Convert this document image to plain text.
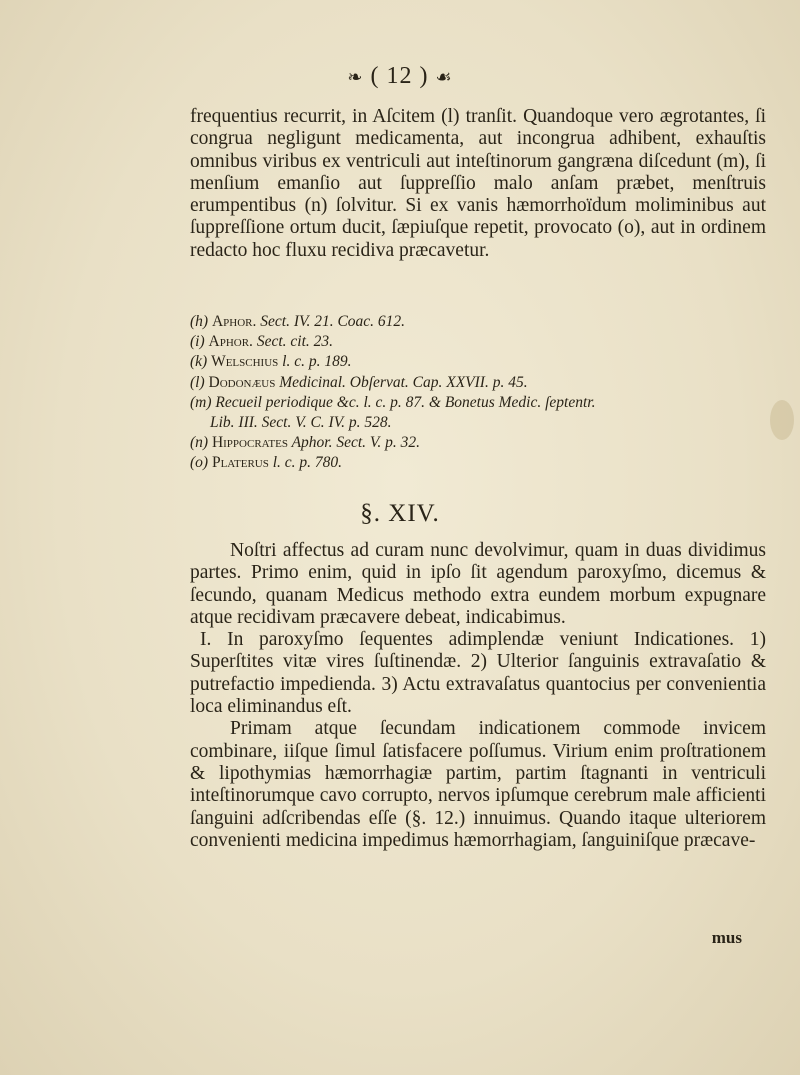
❧ ( 12 ) ☙

frequentius recurrit, in Aſcitem (l) tranſit. Quandoque vero ægrotantes, ſi congrua negligunt medicamenta, aut incongrua adhibent, exhauſtis omnibus viribus ex ventriculi aut inteſtinorum gangræna diſcedunt (m), ſi menſium emanſio aut ſuppreſſio malo anſam præbet, menſtruis erumpentibus (n) ſolvitur. Si ex vanis hæmorrhoïdum moliminibus aut ſuppreſſione ortum ducit, ſæpiuſque repetit, provocato (o), aut in ordinem redacto hoc fluxu recidiva præcavetur.

(h) Aphor. Sect. IV. 21. Coac. 612.
(i) Aphor. Sect. cit. 23.
(k) Welschius l. c. p. 189.
(l) Dodonæus Medicinal. Obſervat. Cap. XXVII. p. 45.
(m) Recueil periodique &c. l. c. p. 87. & Bonetus Medic. ſeptentr.
Lib. III. Sect. V. C. IV. p. 528.
(n) Hippocrates Aphor. Sect. V. p. 32.
(o) Platerus l. c. p. 780.
§. XIV.

Noſtri affectus ad curam nunc devolvimur, quam in duas dividimus partes. Primo enim, quid in ipſo ſit agendum paroxyſmo, dicemus & ſecundo, quanam Medicus methodo extra eundem morbum expugnare atque recidivam præcavere debeat, indicabimus.

I. In paroxyſmo ſequentes adimplendæ veniunt Indicationes. 1) Superſtites vitæ vires ſuſtinendæ. 2) Ulterior ſanguinis extravaſatio & putrefactio impedienda. 3) Actu extravaſatus quantocius per convenientia loca eliminandus eſt.

Primam atque ſecundam indicationem commode invicem combinare, iiſque ſimul ſatisfacere poſſumus. Virium enim proſtrationem & lipothymias hæmorrhagiæ partim, partim ſtagnanti in ventriculi inteſtinorumque cavo corrupto, nervos ipſumque cerebrum male afficienti ſanguini adſcribendas eſſe (§. 12.) innuimus. Quando itaque ulteriorem convenienti medicina impedimus hæmorrhagiam, ſanguiniſque præcave-

mus
